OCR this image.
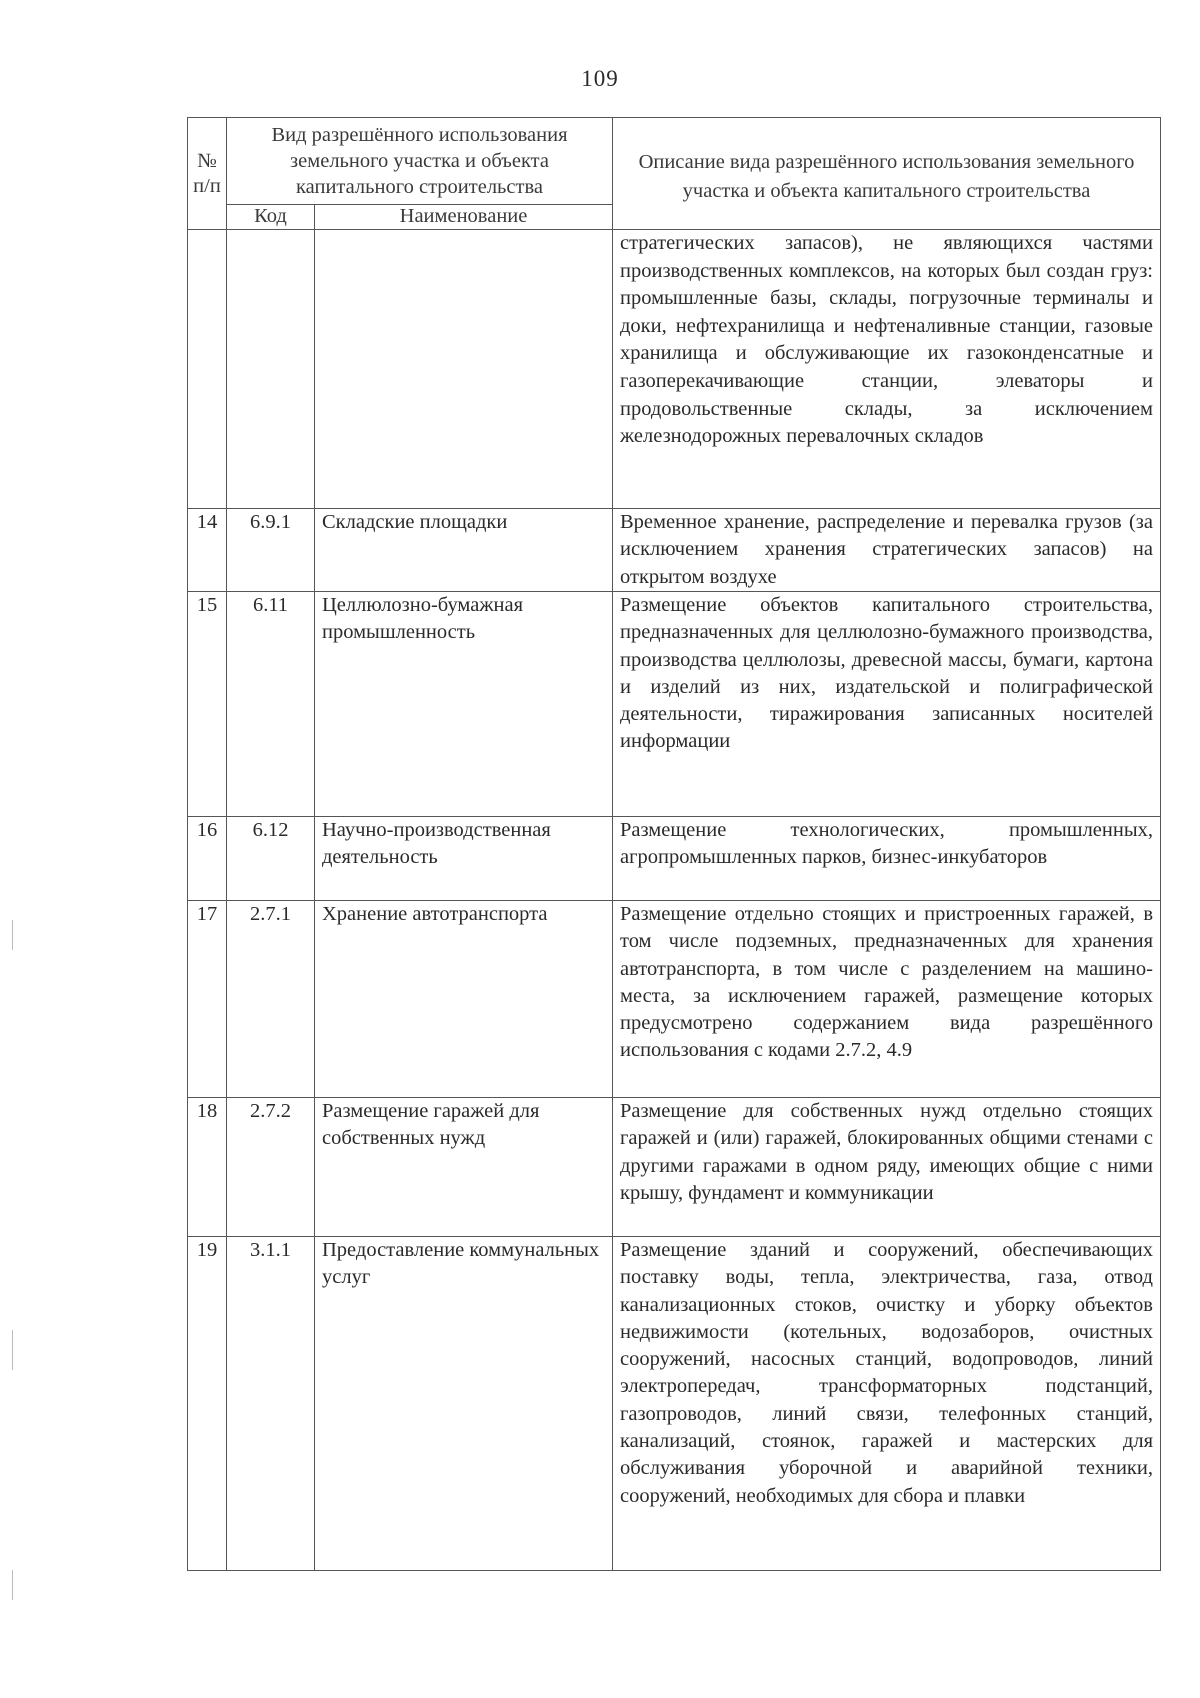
109
№ п/п	Вид разрешённого использования земельного участка и объекта капитального строительства		Описание вида разрешённого использования земельного участка и объекта капитального строительства
	Код	Наименование	
			стратегических запасов), не являющихся частями производственных комплексов, на которых был создан груз: промышленные базы, склады, погрузочные терминалы и доки, нефтехранилища и нефтеналивные станции, газовые хранилища и обслуживающие их газоконденсатные и газоперекачивающие станции, элеваторы и продовольственные склады, за исключением железнодорожных перевалочных складов
14	6.9.1	Складские площадки	Временное хранение, распределение и перевалка грузов (за исключением хранения стратегических запасов) на открытом воздухе
15	6.11	Целлюлозно-бумажная промышленность	Размещение объектов капитального строительства, предназначенных для целлюлозно-бумажного производства, производства целлюлозы, древесной массы, бумаги, картона и изделий из них, издательской и полиграфической деятельности, тиражирования записанных носителей информации
16	6.12	Научно-производственная деятельность	Размещение технологических, промышленных, агропромышленных парков, бизнес-инкубаторов
17	2.7.1	Хранение автотранспорта	Размещение отдельно стоящих и пристроенных гаражей, в том числе подземных, предназначенных для хранения автотранспорта, в том числе с разделением на машино-места, за исключением гаражей, размещение которых предусмотрено содержанием вида разрешённого использования с кодами 2.7.2, 4.9
18	2.7.2	Размещение гаражей для собственных нужд	Размещение для собственных нужд отдельно стоящих гаражей и (или) гаражей, блокированных общими стенами с другими гаражами в одном ряду, имеющих общие с ними крышу, фундамент и коммуникации
19	3.1.1	Предоставление коммунальных услуг	Размещение зданий и сооружений, обеспечивающих поставку воды, тепла, электричества, газа, отвод канализационных стоков, очистку и уборку объектов недвижимости (котельных, водозаборов, очистных сооружений, насосных станций, водопроводов, линий электропередач, трансформаторных подстанций, газопроводов, линий связи, телефонных станций, канализаций, стоянок, гаражей и мастерских для обслуживания уборочной и аварийной техники, сооружений, необходимых для сбора и плавки
